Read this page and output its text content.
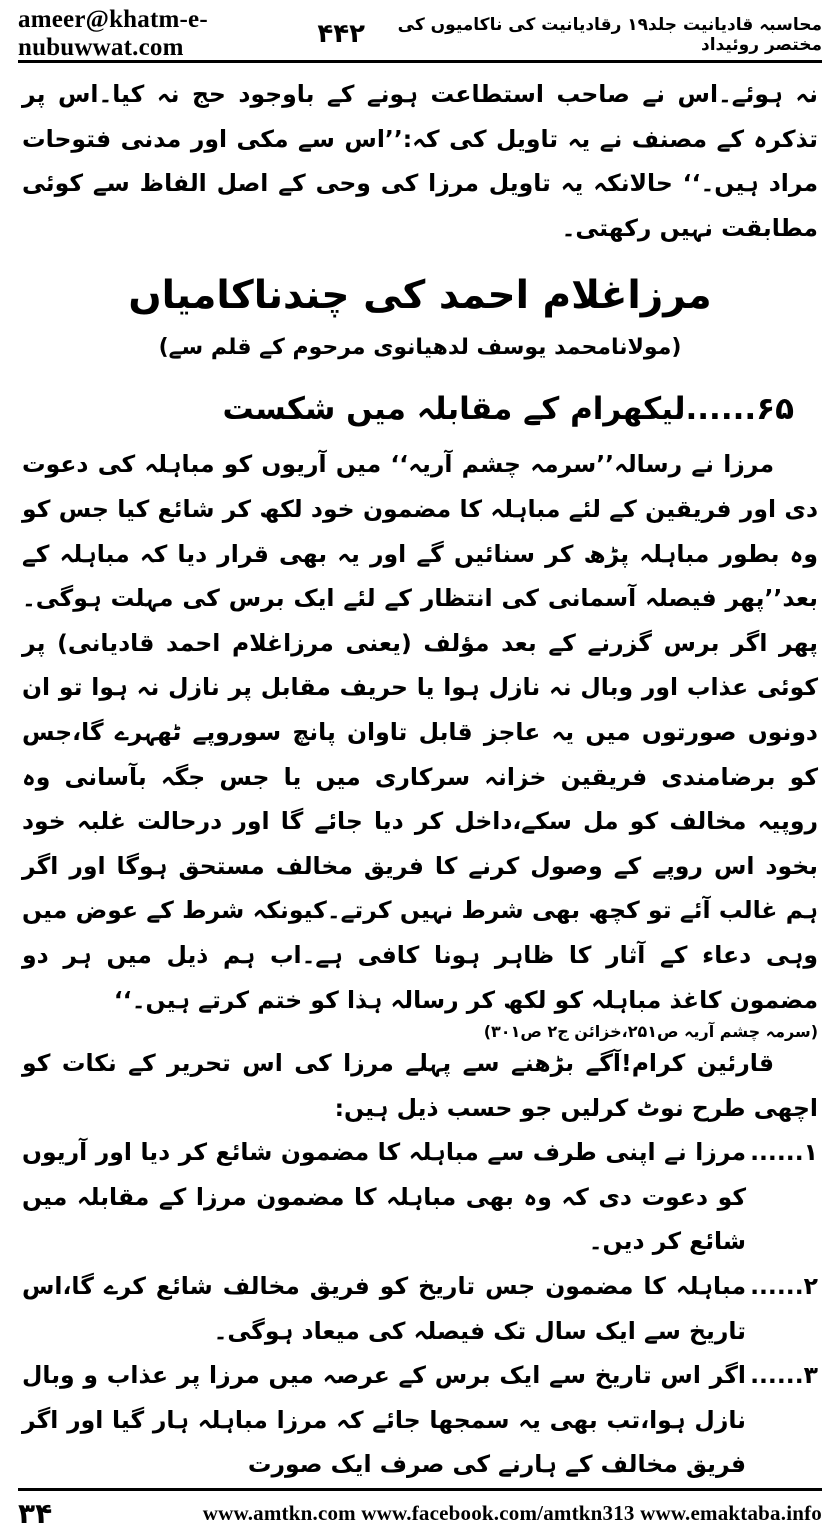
ameer@khatm-e-nubuwwat.com
محاسبہ قادیانیت جلد۱۹ رقادیانیت کی ناکامیوں کی مختصر روئیداد
۴۴۲

نہ ہوئے۔اس نے صاحب استطاعت ہونے کے باوجود حج نہ کیا۔اس پر تذکرہ کے مصنف نے یہ تاویل کی کہ:’’اس سے مکی اور مدنی فتوحات مراد ہیں۔‘‘ حالانکہ یہ تاویل مرزا کی وحی کے اصل الفاظ سے کوئی مطابقت نہیں رکھتی۔

مرزاغلام احمد کی چندناکامیاں
(مولانامحمد یوسف لدھیانوی مرحوم کے قلم سے)
۶۵......لیکھرام کے مقابلہ میں شکست

مرزا نے رسالہ’’سرمہ چشم آریہ‘‘ میں آریوں کو مباہلہ کی دعوت دی اور فریقین کے لئے مباہلہ کا مضمون خود لکھ کر شائع کیا جس کو وہ بطور مباہلہ پڑھ کر سنائیں گے اور یہ بھی قرار دیا کہ مباہلہ کے بعد’’پھر فیصلہ آسمانی کی انتظار کے لئے ایک برس کی مہلت ہوگی۔پھر اگر برس گزرنے کے بعد مؤلف (یعنی مرزاغلام احمد قادیانی) پر کوئی عذاب اور وبال نہ نازل ہوا یا حریف مقابل پر نازل نہ ہوا تو ان دونوں صورتوں میں یہ عاجز قابل تاوان پانچ سوروپے ٹھہرے گا،جس کو برضامندی فریقین خزانہ سرکاری میں یا جس جگہ بآسانی وہ روپیہ مخالف کو مل سکے،داخل کر دیا جائے گا اور درحالت غلبہ خود بخود اس روپے کے وصول کرنے کا فریق مخالف مستحق ہوگا اور اگر ہم غالب آئے تو کچھ بھی شرط نہیں کرتے۔کیونکہ شرط کے عوض میں وہی دعاء کے آثار کا ظاہر ہونا کافی ہے۔اب ہم ذیل میں ہر دو مضمون کاغذ مباہلہ کو لکھ کر رسالہ ہذا کو ختم کرتے ہیں۔‘‘

(سرمہ چشم آریہ ص۲۵۱،خزائن ج۲ ص۳۰۱)

قارئین کرام!آگے بڑھنے سے پہلے مرزا کی اس تحریر کے نکات کو اچھی طرح نوٹ کرلیں جو حسب ذیل ہیں:

۱......

مرزا نے اپنی طرف سے مباہلہ کا مضمون شائع کر دیا اور آریوں کو دعوت دی کہ وہ بھی مباہلہ کا مضمون مرزا کے مقابلہ میں شائع کر دیں۔

۲......

مباہلہ کا مضمون جس تاریخ کو فریق مخالف شائع کرے گا،اس تاریخ سے ایک سال تک فیصلہ کی میعاد ہوگی۔

۳......

اگر اس تاریخ سے ایک برس کے عرصہ میں مرزا پر عذاب و وبال نازل ہوا،تب بھی یہ سمجھا جائے کہ مرزا مباہلہ ہار گیا اور اگر فریق مخالف کے ہارنے کی صرف ایک صورت

۳۴	www.amtkn.com www.facebook.com/amtkn313 www.emaktaba.info
